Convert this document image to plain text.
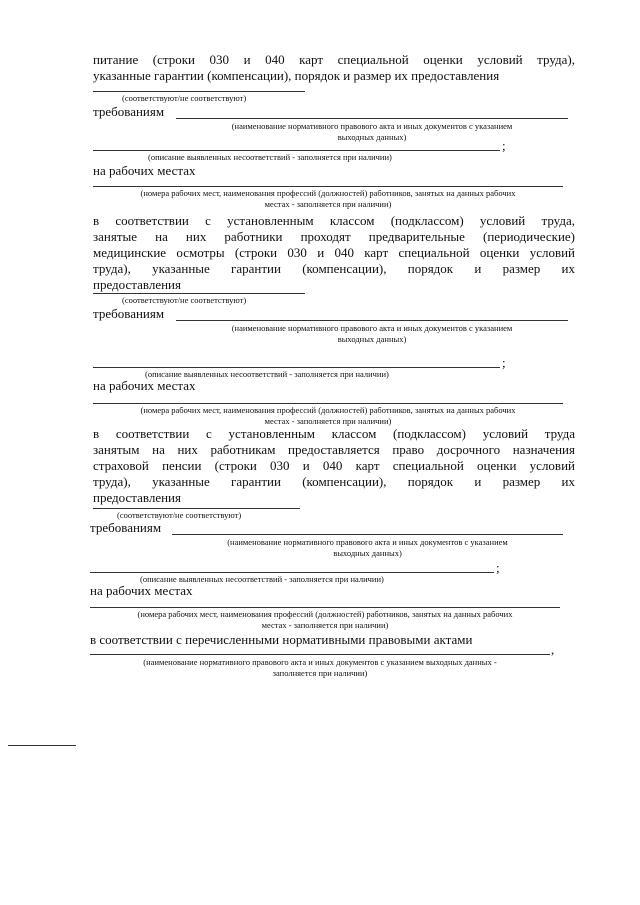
питание (строки 030 и 040 карт специальной оценки условий труда),
указанные гарантии (компенсации), порядок и размер их предоставления
(соответствуют/не соответствуют)
требованиям
(наименование нормативного правового акта и иных документов с указанием
выходных данных)
;
(описание выявленных несоответствий - заполняется при наличии)
на рабочих местах
(номера рабочих мест, наименования профессий (должностей) работников, занятых на данных рабочих
местах - заполняется при наличии)
в соответствии с установленным классом (подклассом) условий труда,
занятые на них работники проходят предварительные (периодические)
медицинские осмотры (строки 030 и 040 карт специальной оценки условий
труда), указанные гарантии (компенсации), порядок и размер их
предоставления
(соответствуют/не соответствуют)
требованиям
(наименование нормативного правового акта и иных документов с указанием
выходных данных)
;
(описание выявленных несоответствий - заполняется при наличии)
на рабочих местах
(номера рабочих мест, наименования профессий (должностей) работников, занятых на данных рабочих
местах - заполняется при наличии)
в соответствии с установленным классом (подклассом) условий труда
занятым на них работникам предоставляется право досрочного назначения
страховой пенсии (строки 030 и 040 карт специальной оценки условий
труда), указанные гарантии (компенсации), порядок и размер их
предоставления
(соответствуют/не соответствуют)
требованиям
(наименование нормативного правового акта и иных документов с указанием
выходных данных)
;
(описание выявленных несоответствий - заполняется при наличии)
на рабочих местах
(номера рабочих мест, наименования профессий (должностей) работников, занятых на данных рабочих
местах - заполняется при наличии)
в соответствии с перечисленными нормативными правовыми актами
,
(наименование нормативного правового акта и иных документов с указанием выходных данных -
заполняется при наличии)
